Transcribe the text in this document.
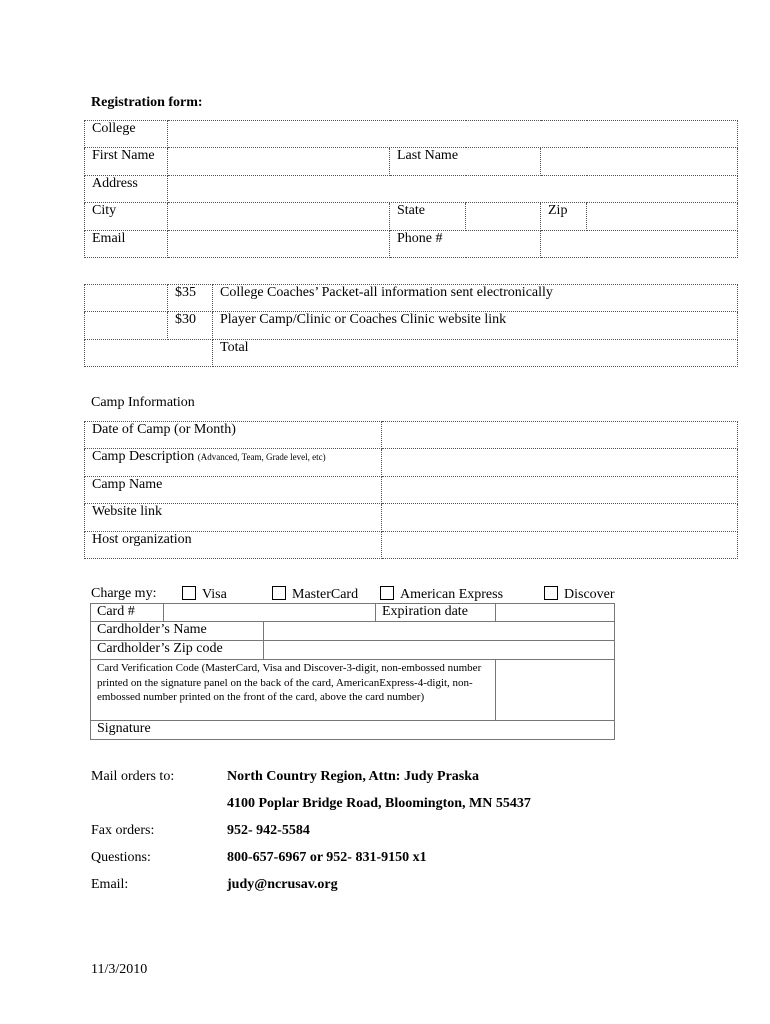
Registration form:
College					
First Name		Last Name			
Address					
City		State		Zip	
Email		Phone #			
	$35	College Coaches’ Packet-all information sent electronically
	$30	Player Camp/Clinic or Coaches Clinic website link
		Total
Camp Information
Date of Camp (or Month)	
Camp Description (Advanced, Team, Grade level, etc)	
Camp Name	
Website link	
Host organization	
Charge my:	Visa	MasterCard	American Express	Discover
Card #			Expiration date	
Cardholder’s Name				
Cardholder’s Zip code				
Card Verification Code (MasterCard, Visa and Discover-3-digit, non-embossed number printed on the signature panel on the back of the card, AmericanExpress-4-digit, non-embossed number printed on the front of the card, above the card number)				
Signature				
Mail orders to:	North Country Region, Attn: Judy Praska
4100 Poplar Bridge Road, Bloomington, MN 55437
Fax orders:	952- 942-5584
Questions:	800-657-6967 or 952- 831-9150 x1
Email:	judy@ncrusav.org
11/3/2010
